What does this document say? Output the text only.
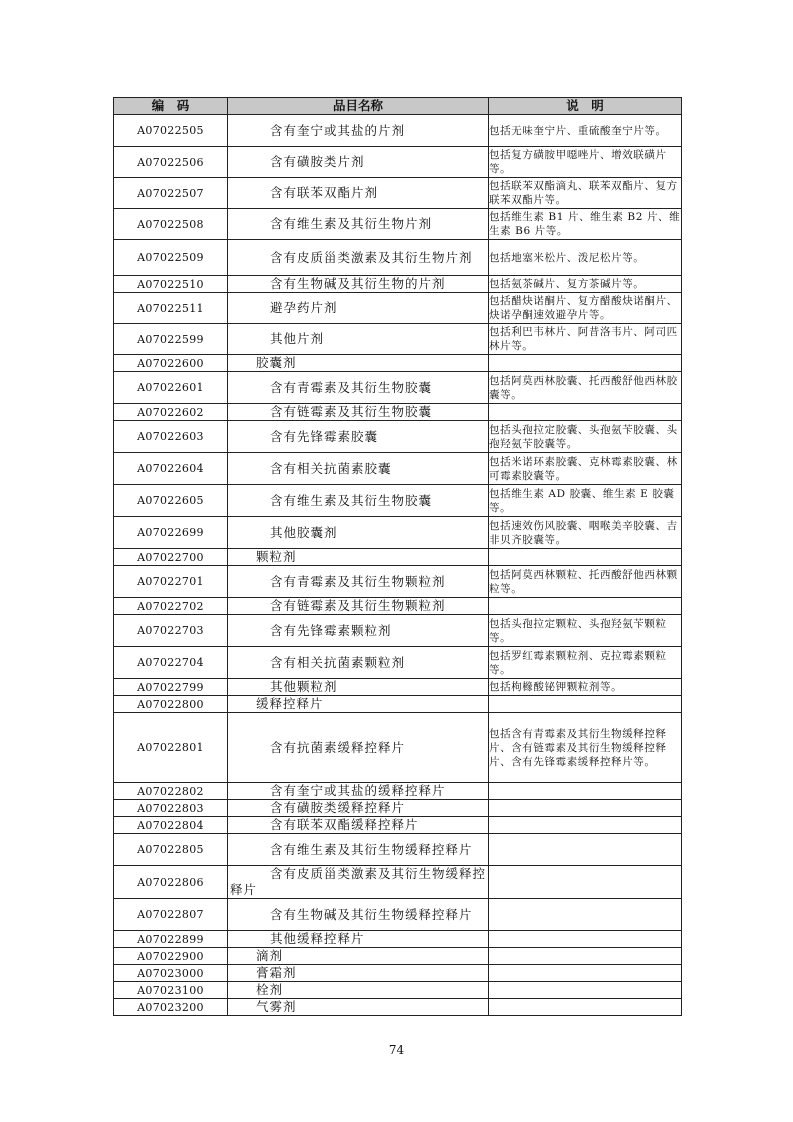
编　码	品目名称	说　明
A07022505	含有奎宁或其盐的片剂	包括无味奎宁片、重硫酸奎宁片等。
A07022506	含有磺胺类片剂	包括复方磺胺甲噁唑片、增效联磺片等。
A07022507	含有联苯双酯片剂	包括联苯双酯滴丸、联苯双酯片、复方联苯双酯片等。
A07022508	含有维生素及其衍生物片剂	包括维生素 B1 片、维生素 B2 片、维生素 B6 片等。
A07022509	含有皮质甾类激素及其衍生物片剂	包括地塞米松片、泼尼松片等。
A07022510	含有生物碱及其衍生物的片剂	包括氨茶碱片、复方茶碱片等。
A07022511	避孕药片剂	包括醋炔诺酮片、复方醋酸炔诺酮片、炔诺孕酮速效避孕片等。
A07022599	其他片剂	包括利巴韦林片、阿昔洛韦片、阿司匹林片等。
A07022600	胶囊剂	
A07022601	含有青霉素及其衍生物胶囊	包括阿莫西林胶囊、托西酸舒他西林胶囊等。
A07022602	含有链霉素及其衍生物胶囊	
A07022603	含有先锋霉素胶囊	包括头孢拉定胶囊、头孢氨苄胶囊、头孢羟氨苄胶囊等。
A07022604	含有相关抗菌素胶囊	包括米诺环素胶囊、克林霉素胶囊、林可霉素胶囊等。
A07022605	含有维生素及其衍生物胶囊	包括维生素 AD 胶囊、维生素 E 胶囊等。
A07022699	其他胶囊剂	包括速效伤风胶囊、咽喉美辛胶囊、吉非贝齐胶囊等。
A07022700	颗粒剂	
A07022701	含有青霉素及其衍生物颗粒剂	包括阿莫西林颗粒、托西酸舒他西林颗粒等。
A07022702	含有链霉素及其衍生物颗粒剂	
A07022703	含有先锋霉素颗粒剂	包括头孢拉定颗粒、头孢羟氨苄颗粒等。
A07022704	含有相关抗菌素颗粒剂	包括罗红霉素颗粒剂、克拉霉素颗粒等。
A07022799	其他颗粒剂	包括枸橼酸铋钾颗粒剂等。
A07022800	缓释控释片	
A07022801	含有抗菌素缓释控释片	包括含有青霉素及其衍生物缓释控释片、含有链霉素及其衍生物缓释控释片、含有先锋霉素缓释控释片等。
A07022802	含有奎宁或其盐的缓释控释片	
A07022803	含有磺胺类缓释控释片	
A07022804	含有联苯双酯缓释控释片	
A07022805	含有维生素及其衍生物缓释控释片	
A07022806	含有皮质甾类激素及其衍生物缓释控释片	
A07022807	含有生物碱及其衍生物缓释控释片	
A07022899	其他缓释控释片	
A07022900	滴剂	
A07023000	膏霜剂	
A07023100	栓剂	
A07023200	气雾剂	
74
